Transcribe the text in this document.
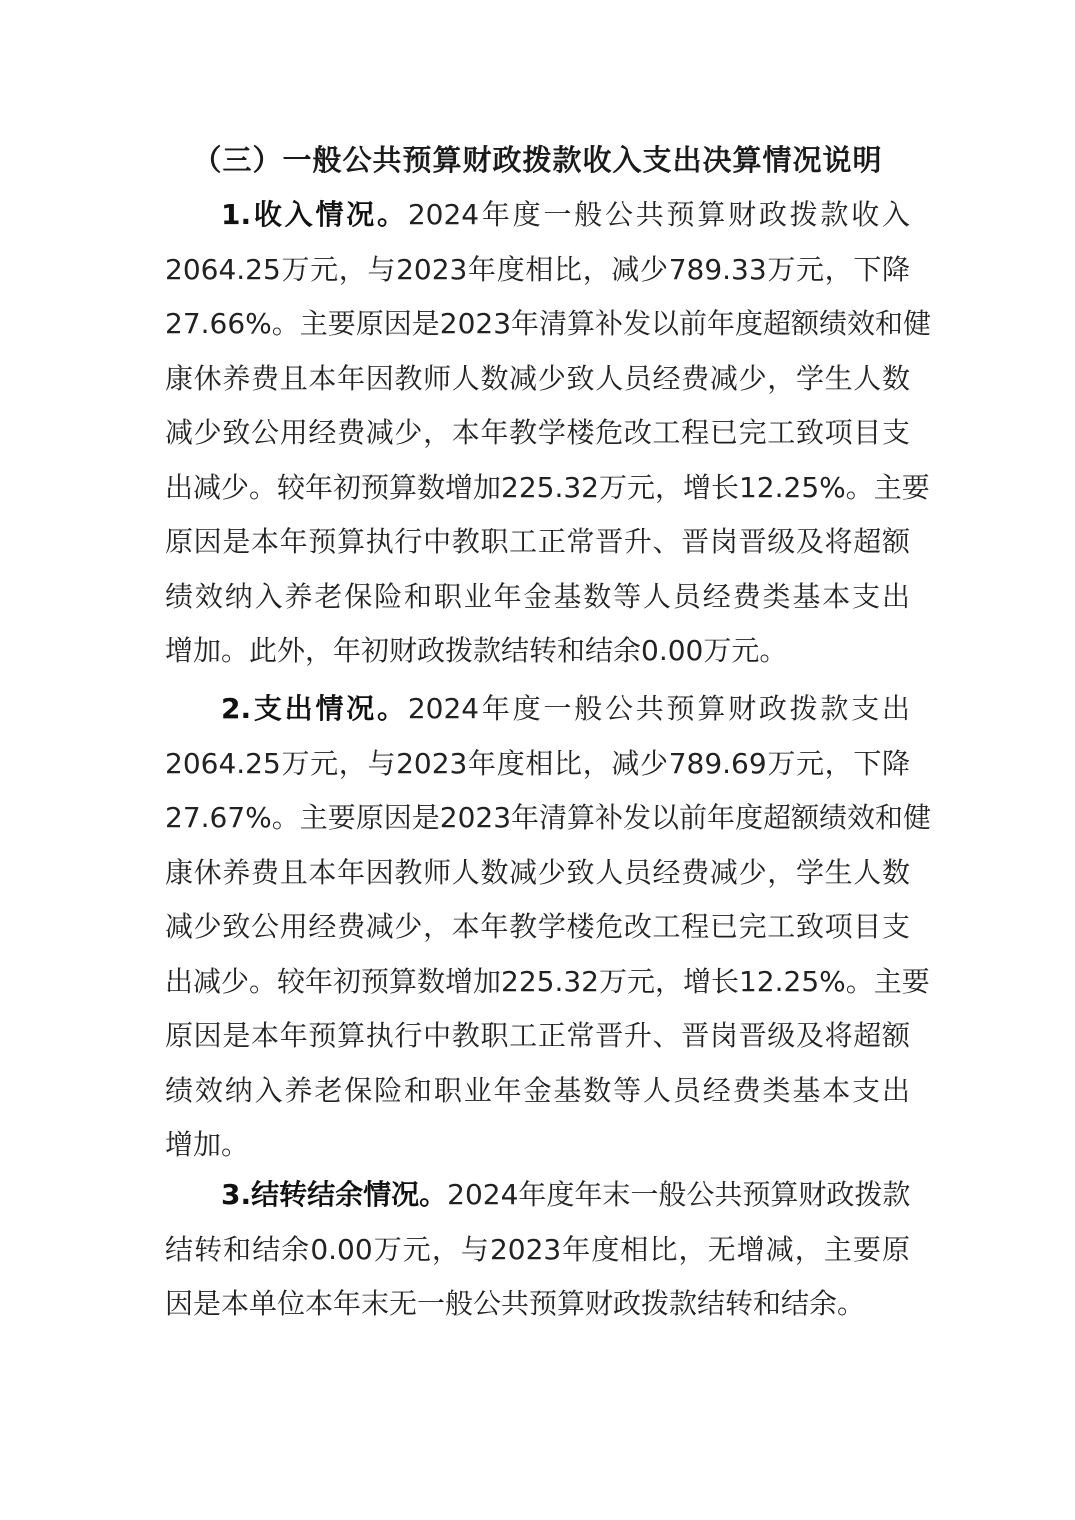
（三）一般公共预算财政拨款收入支出决算情况说明
1.收入情况。2024年度一般公共预算财政拨款收入
2064.25万元，与2023年度相比，减少789.33万元，下降
27.66%。主要原因是2023年清算补发以前年度超额绩效和健
康休养费且本年因教师人数减少致人员经费减少，学生人数
减少致公用经费减少，本年教学楼危改工程已完工致项目支
出减少。较年初预算数增加225.32万元，增长12.25%。主要
原因是本年预算执行中教职工正常晋升、晋岗晋级及将超额
绩效纳入养老保险和职业年金基数等人员经费类基本支出
增加。此外，年初财政拨款结转和结余0.00万元。
2.支出情况。2024年度一般公共预算财政拨款支出
2064.25万元，与2023年度相比，减少789.69万元，下降
27.67%。主要原因是2023年清算补发以前年度超额绩效和健
康休养费且本年因教师人数减少致人员经费减少，学生人数
减少致公用经费减少，本年教学楼危改工程已完工致项目支
出减少。较年初预算数增加225.32万元，增长12.25%。主要
原因是本年预算执行中教职工正常晋升、晋岗晋级及将超额
绩效纳入养老保险和职业年金基数等人员经费类基本支出
增加。
3.结转结余情况。2024年度年末一般公共预算财政拨款
结转和结余0.00万元，与2023年度相比，无增减，主要原
因是本单位本年末无一般公共预算财政拨款结转和结余。
